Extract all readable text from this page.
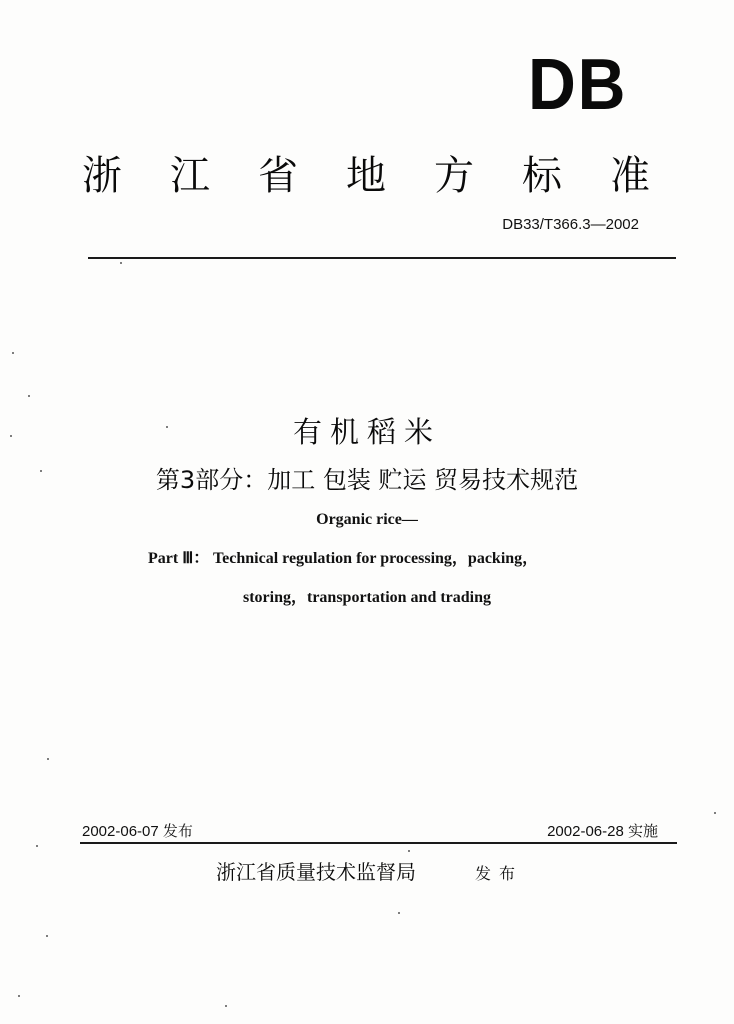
DB
浙江省地方标准
DB33/T366.3—2002
有机稻米
第3部分：加工 包装 贮运 贸易技术规范
Organic rice—
Part Ⅲ： Technical regulation for processing，packing，
storing，transportation and trading
2002-06-07 发布	2002-06-28 实施
浙江省质量技术监督局	发布
